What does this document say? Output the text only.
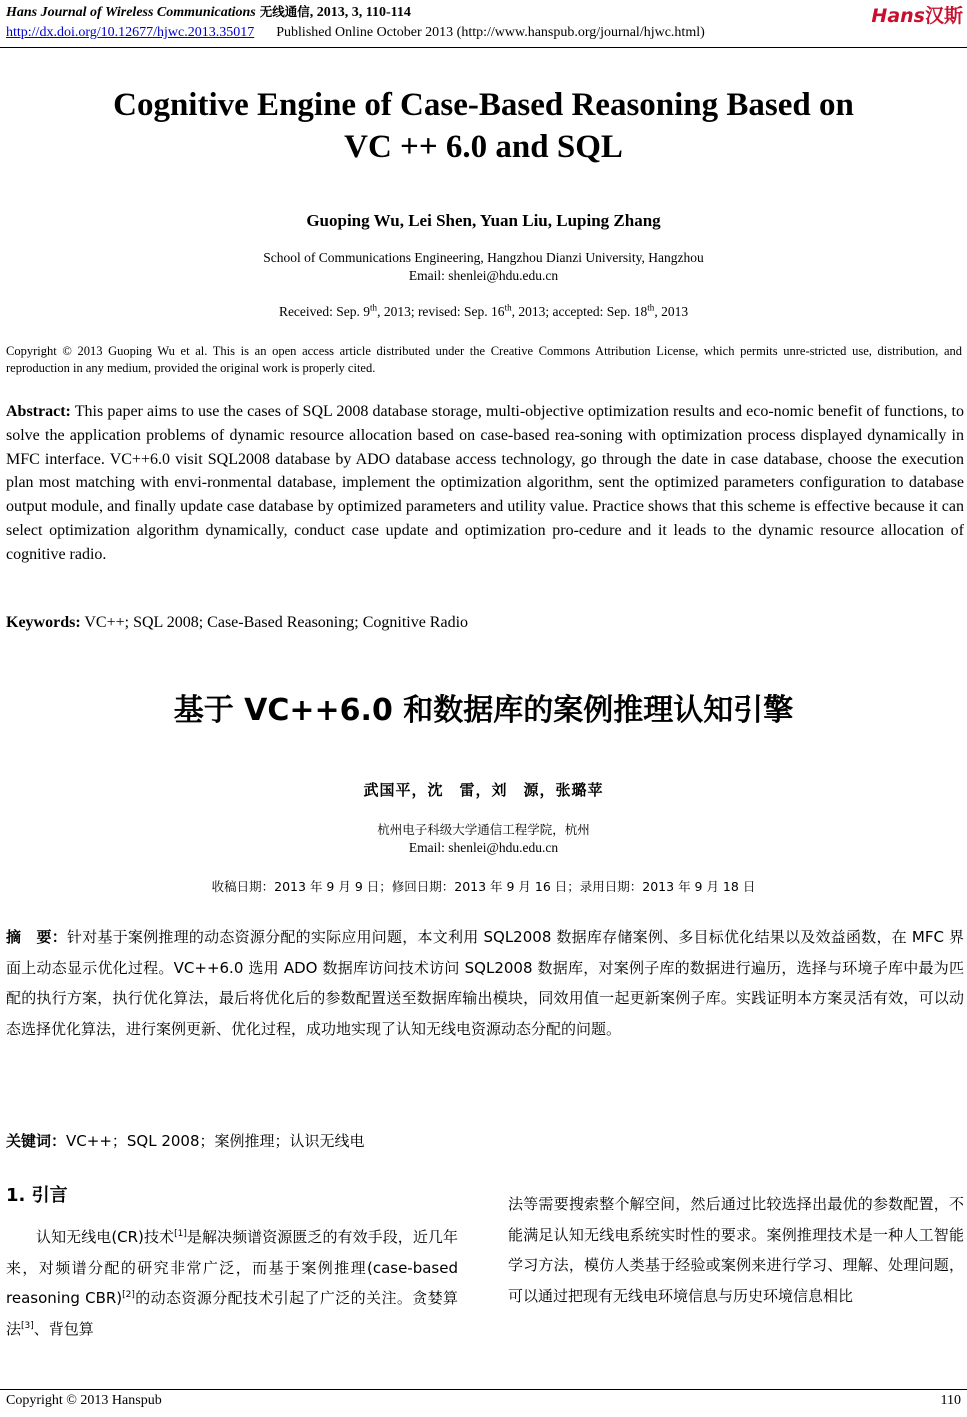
Hans Journal of Wireless Communications 无线通信, 2013, 3, 110-114
http://dx.doi.org/10.12677/hjwc.2013.35017 Published Online October 2013 (http://www.hanspub.org/journal/hjwc.html)
Hans汉斯
Cognitive Engine of Case-Based Reasoning Based on
VC ++ 6.0 and SQL
Guoping Wu, Lei Shen, Yuan Liu, Luping Zhang
School of Communications Engineering, Hangzhou Dianzi University, Hangzhou
Email: shenlei@hdu.edu.cn
Received: Sep. 9th, 2013; revised: Sep. 16th, 2013; accepted: Sep. 18th, 2013
Copyright © 2013 Guoping Wu et al. This is an open access article distributed under the Creative Commons Attribution License, which permits unre-stricted use, distribution, and reproduction in any medium, provided the original work is properly cited.
Abstract: This paper aims to use the cases of SQL 2008 database storage, multi-objective optimization results and eco-nomic benefit of functions, to solve the application problems of dynamic resource allocation based on case-based rea-soning with optimization process displayed dynamically in MFC interface. VC++6.0 visit SQL2008 database by ADO database access technology, go through the date in case database, choose the execution plan most matching with envi-ronmental database, implement the optimization algorithm, sent the optimized parameters configuration to database output module, and finally update case database by optimized parameters and utility value. Practice shows that this scheme is effective because it can select optimization algorithm dynamically, conduct case update and optimization pro-cedure and it leads to the dynamic resource allocation of cognitive radio.
Keywords: VC++; SQL 2008; Case-Based Reasoning; Cognitive Radio
基于 VC++6.0 和数据库的案例推理认知引擎
武国平，沈　雷，刘　源，张璐苹
杭州电子科级大学通信工程学院，杭州
Email: shenlei@hdu.edu.cn
收稿日期：2013 年 9 月 9 日；修回日期：2013 年 9 月 16 日；录用日期：2013 年 9 月 18 日
摘　要：针对基于案例推理的动态资源分配的实际应用问题，本文利用 SQL2008 数据库存储案例、多目标优化结果以及效益函数，在 MFC 界面上动态显示优化过程。VC++6.0 选用 ADO 数据库访问技术访问 SQL2008 数据库，对案例子库的数据进行遍历，选择与环境子库中最为匹配的执行方案，执行优化算法，最后将优化后的参数配置送至数据库输出模块，同效用值一起更新案例子库。实践证明本方案灵活有效，可以动态选择优化算法，进行案例更新、优化过程，成功地实现了认知无线电资源动态分配的问题。
关键词：VC++；SQL 2008；案例推理；认识无线电
1. 引言
认知无线电(CR)技术[1]是解决频谱资源匮乏的有效手段，近几年来，对频谱分配的研究非常广泛，而基于案例推理(case-based reasoning CBR)[2]的动态资源分配技术引起了广泛的关注。贪婪算法[3]、背包算
法等需要搜索整个解空间，然后通过比较选择出最优的参数配置，不能满足认知无线电系统实时性的要求。案例推理技术是一种人工智能学习方法，模仿人类基于经验或案例来进行学习、理解、处理问题，可以通过把现有无线电环境信息与历史环境信息相比
Copyright © 2013 Hanspub	110
